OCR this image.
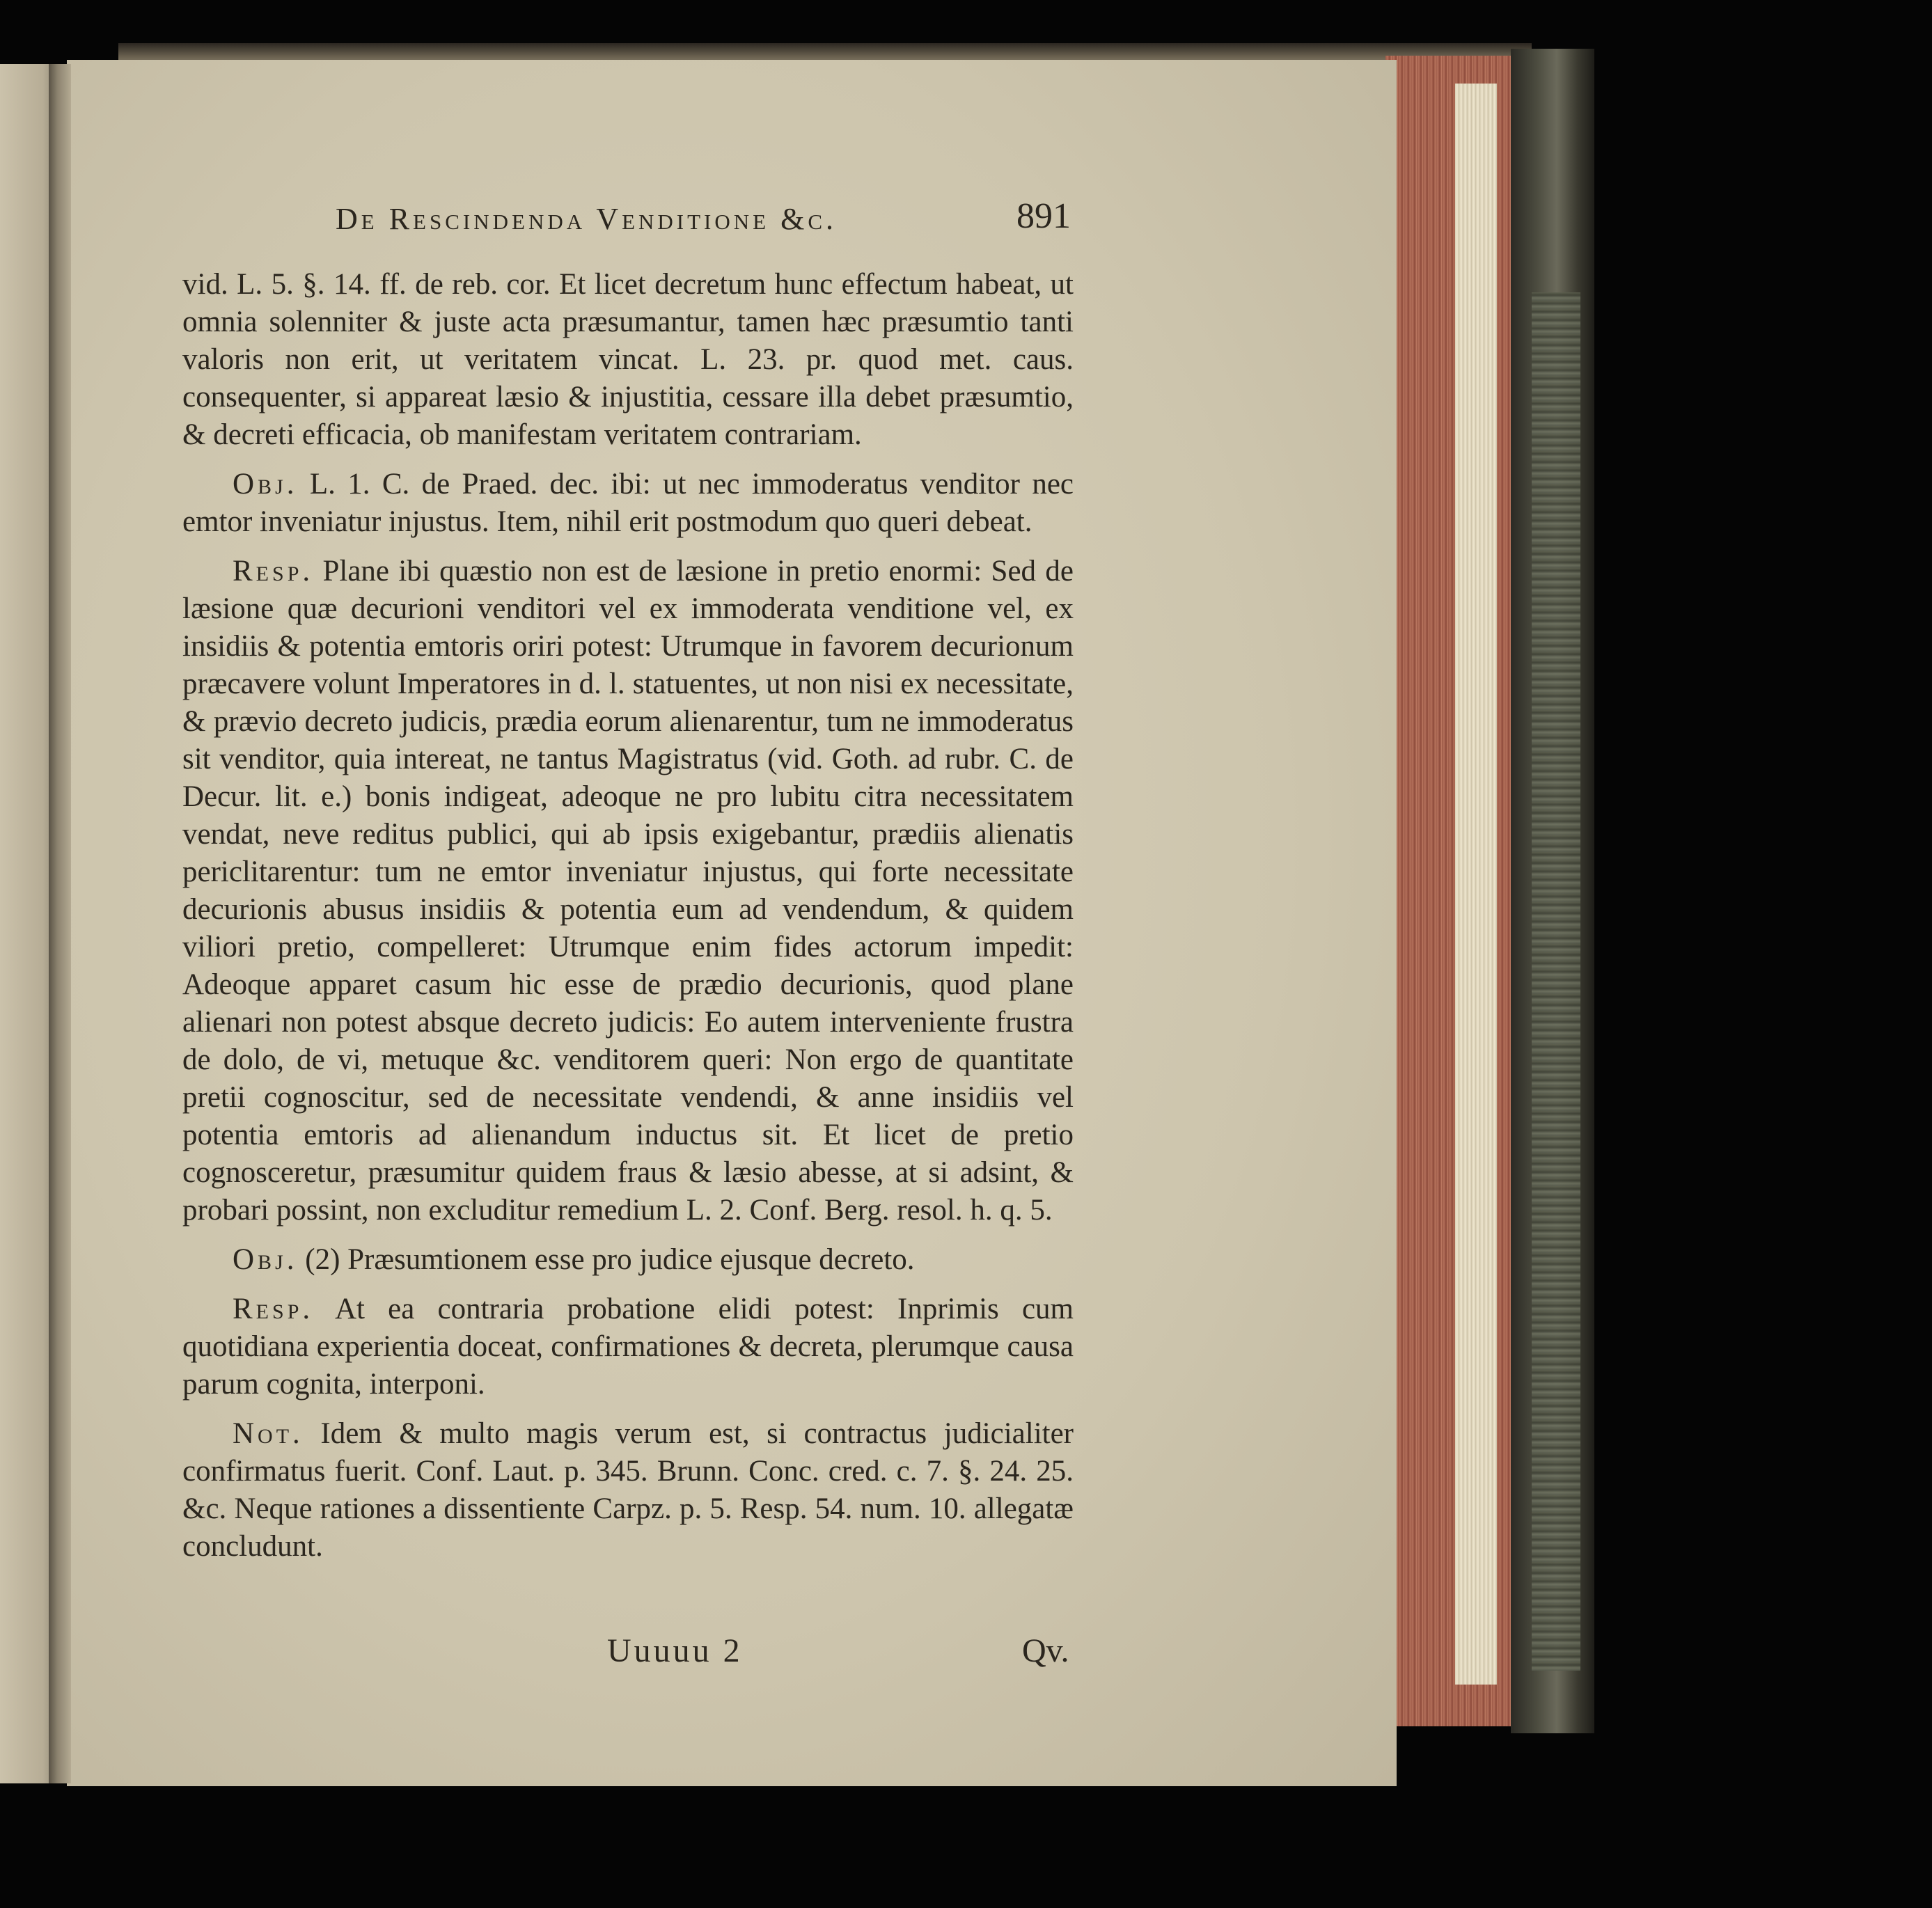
De Rescindenda Venditione &c.	891

vid. L. 5. §. 14. ff. de reb. cor. Et licet decretum hunc effectum habeat, ut omnia solenniter & juste acta præsumantur, tamen hæc præsumtio tanti valoris non erit, ut veritatem vincat. L. 23. pr. quod met. caus. consequenter, si appareat læsio & injustitia, cessare illa debet præsumtio, & decreti efficacia, ob manifestam veritatem contrariam.

Obj. L. 1. C. de Praed. dec. ibi: ut nec immoderatus venditor nec emtor inveniatur injustus. Item, nihil erit postmodum quo queri debeat.

Resp. Plane ibi quæstio non est de læsione in pretio enormi: Sed de læsione quæ decurioni venditori vel ex immoderata venditione vel, ex insidiis & potentia emtoris oriri potest: Utrumque in favorem decurionum præcavere volunt Imperatores in d. l. statuentes, ut non nisi ex necessitate, & prævio decreto judicis, prædia eorum alienarentur, tum ne immoderatus sit venditor, quia intereat, ne tantus Magistratus (vid. Goth. ad rubr. C. de Decur. lit. e.) bonis indigeat, adeoque ne pro lubitu citra necessitatem vendat, neve reditus publici, qui ab ipsis exigebantur, prædiis alienatis periclitarentur: tum ne emtor inveniatur injustus, qui forte necessitate decurionis abusus insidiis & potentia eum ad vendendum, & quidem viliori pretio, compelleret: Utrumque enim fides actorum impedit: Adeoque apparet casum hic esse de prædio decurionis, quod plane alienari non potest absque decreto judicis: Eo autem interveniente frustra de dolo, de vi, metuque &c. venditorem queri: Non ergo de quantitate pretii cognoscitur, sed de necessitate vendendi, & anne insidiis vel potentia emtoris ad alienandum inductus sit. Et licet de pretio cognosceretur, præsumitur quidem fraus & læsio abesse, at si adsint, & probari possint, non excluditur remedium L. 2. Conf. Berg. resol. h. q. 5.

Obj. (2) Præsumtionem esse pro judice ejusque decreto.

Resp. At ea contraria probatione elidi potest: Inprimis cum quotidiana experientia doceat, confirmationes & decreta, plerumque causa parum cognita, interponi.

Not. Idem & multo magis verum est, si contractus judicialiter confirmatus fuerit. Conf. Laut. p. 345. Brunn. Conc. cred. c. 7. §. 24. 25. &c. Neque rationes a dissentiente Carpz. p. 5. Resp. 54. num. 10. allegatæ concludunt.

Uuuuu 2	Qv.
